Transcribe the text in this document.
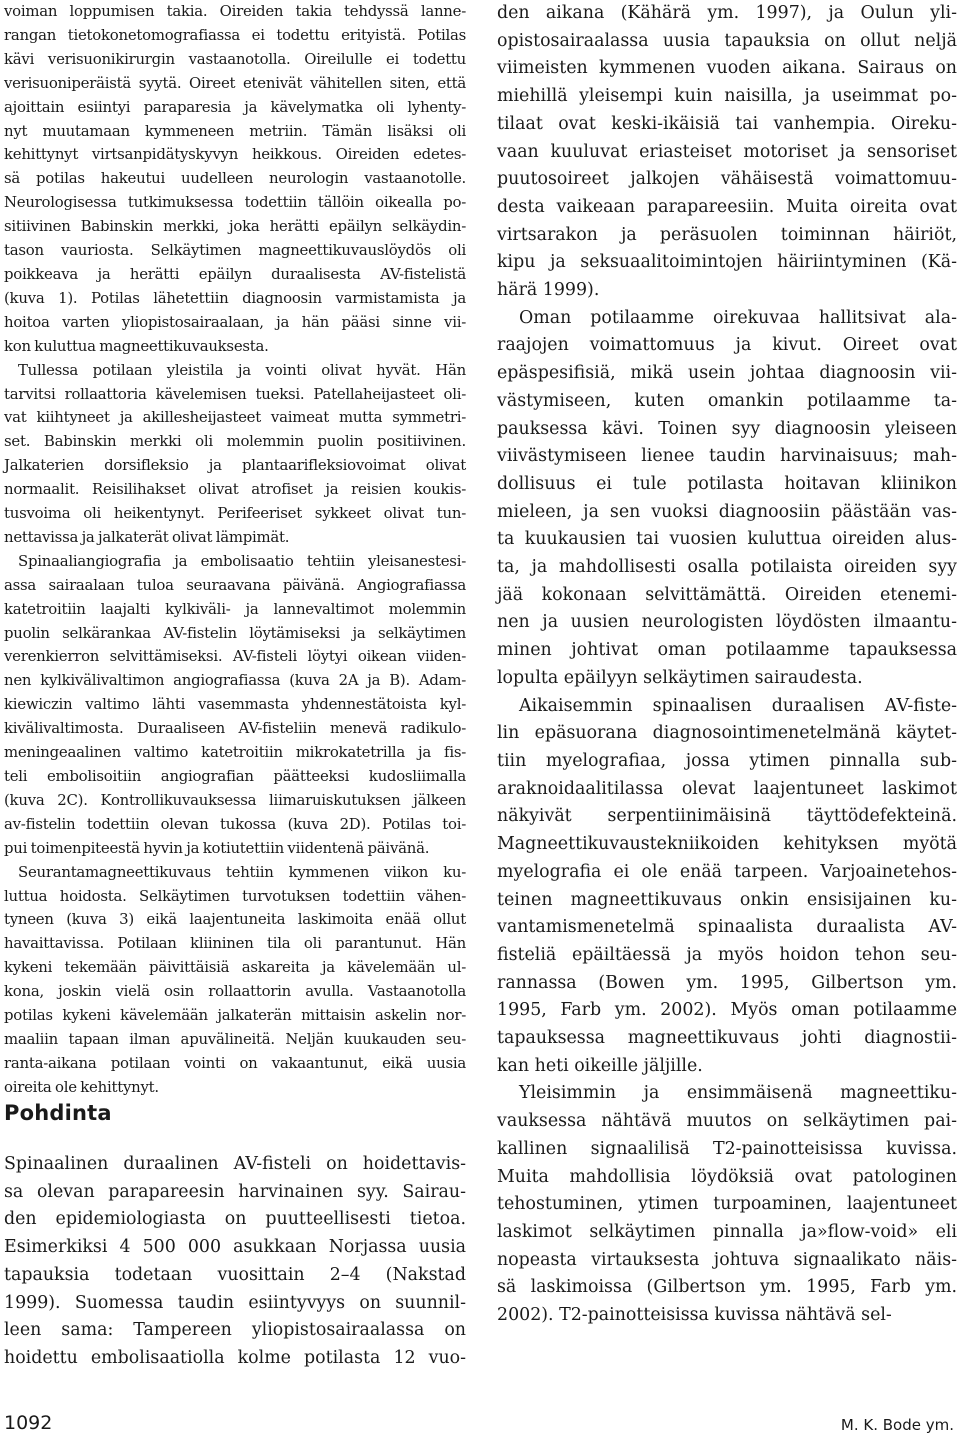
voiman loppumisen takia. Oireiden takia tehdyssä lanne-
rangan tietokonetomografiassa ei todettu erityistä. Potilas
kävi verisuonikirurgin vastaanotolla. Oireilulle ei todettu
verisuoniperäistä syytä. Oireet etenivät vähitellen siten, että
ajoittain esiintyi paraparesia ja kävelymatka oli lyhenty-
nyt muutamaan kymmeneen metriin. Tämän lisäksi oli
kehittynyt virtsanpidätyskyvyn heikkous. Oireiden edetes-
sä potilas hakeutui uudelleen neurologin vastaanotolle.
Neurologisessa tutkimuksessa todettiin tällöin oikealla po-
sitiivinen Babinskin merkki, joka herätti epäilyn selkäydin-
tason vauriosta. Selkäytimen magneettikuvauslöydös oli
poikkeava ja herätti epäilyn duraalisesta AV-fistelistä
(kuva 1). Potilas lähetettiin diagnoosin varmistamista ja
hoitoa varten yliopistosairaalaan, ja hän pääsi sinne vii-
kon kuluttua magneettikuvauksesta.

Tullessa potilaan yleistila ja vointi olivat hyvät. Hän
tarvitsi rollaattoria kävelemisen tueksi. Patellaheijasteet oli-
vat kiihtyneet ja akillesheijasteet vaimeat mutta symmetri-
set. Babinskin merkki oli molemmin puolin positiivinen.
Jalkaterien dorsifleksio ja plantaarifleksiovoimat olivat
normaalit. Reisilihakset olivat atrofiset ja reisien koukis-
tusvoima oli heikentynyt. Perifeeriset sykkeet olivat tun-
nettavissa ja jalkaterät olivat lämpimät.

Spinaaliangiografia ja embolisaatio tehtiin yleisanestesi-
assa sairaalaan tuloa seuraavana päivänä. Angiografiassa
katetroitiin laajalti kylkiväli- ja lannevaltimot molemmin
puolin selkärankaa AV-fistelin löytämiseksi ja selkäytimen
verenkierron selvittämiseksi. AV-fisteli löytyi oikean viiden-
nen kylkivälivaltimon angiografiassa (kuva 2A ja B). Adam-
kiewiczin valtimo lähti vasemmasta yhdennestätoista kyl-
kivälivaltimosta. Duraaliseen AV-fisteliin menevä radikulo-
meningeaalinen valtimo katetroitiin mikrokatetrilla ja fis-
teli embolisoitiin angiografian päätteeksi kudosliimalla
(kuva 2C). Kontrollikuvauksessa liimaruiskutuksen jälkeen
av-fistelin todettiin olevan tukossa (kuva 2D). Potilas toi-
pui toimenpiteestä hyvin ja kotiutettiin viidentenä päivänä.

Seurantamagneettikuvaus tehtiin kymmenen viikon ku-
luttua hoidosta. Selkäytimen turvotuksen todettiin vähen-
tyneen (kuva 3) eikä laajentuneita laskimoita enää ollut
havaittavissa. Potilaan kliininen tila oli parantunut. Hän
kykeni tekemään päivittäisiä askareita ja kävelemään ul-
kona, joskin vielä osin rollaattorin avulla. Vastaanotolla
potilas kykeni kävelemään jalkaterän mittaisin askelin nor-
maaliin tapaan ilman apuvälineitä. Neljän kuukauden seu-
ranta-aikana potilaan vointi on vakaantunut, eikä uusia
oireita ole kehittynyt.

Pohdinta

Spinaalinen duraalinen AV-fisteli on hoidettavis-
sa olevan parapareesin harvinainen syy. Sairau-
den epidemiologiasta on puutteellisesti tietoa.
Esimerkiksi 4 500 000 asukkaan Norjassa uusia
tapauksia todetaan vuosittain 2–4 (Nakstad
1999). Suomessa taudin esiintyvyys on suunnil-
leen sama: Tampereen yliopistosairaalassa on
hoidettu embolisaatiolla kolme potilasta 12 vuo-

den aikana (Kähärä ym. 1997), ja Oulun yli-
opistosairaalassa uusia tapauksia on ollut neljä
viimeisten kymmenen vuoden aikana. Sairaus on
miehillä yleisempi kuin naisilla, ja useimmat po-
tilaat ovat keski-ikäisiä tai vanhempia. Oireku-
vaan kuuluvat eriasteiset motoriset ja sensoriset
puutosoireet jalkojen vähäisestä voimattomuu-
desta vaikeaan parapareesiin. Muita oireita ovat
virtsarakon ja peräsuolen toiminnan häiriöt,
kipu ja seksuaalitoimintojen häiriintyminen (Kä-
härä 1999).

Oman potilaamme oirekuvaa hallitsivat ala-
raajojen voimattomuus ja kivut. Oireet ovat
epäspesifisiä, mikä usein johtaa diagnoosin vii-
västymiseen, kuten omankin potilaamme ta-
pauksessa kävi. Toinen syy diagnoosin yleiseen
viivästymiseen lienee taudin harvinaisuus; mah-
dollisuus ei tule potilasta hoitavan kliinikon
mieleen, ja sen vuoksi diagnoosiin päästään vas-
ta kuukausien tai vuosien kuluttua oireiden alus-
ta, ja mahdollisesti osalla potilaista oireiden syy
jää kokonaan selvittämättä. Oireiden etenemi-
nen ja uusien neurologisten löydösten ilmaantu-
minen johtivat oman potilaamme tapauksessa
lopulta epäilyyn selkäytimen sairaudesta.

Aikaisemmin spinaalisen duraalisen AV-fiste-
lin epäsuorana diagnosointimenetelmänä käytet-
tiin myelografiaa, jossa ytimen pinnalla sub-
araknoidaalitilassa olevat laajentuneet laskimot
näkyivät serpentiinimäisinä täyttödefekteinä.
Magneettikuvaustekniikoiden kehityksen myötä
myelografia ei ole enää tarpeen. Varjoainetehos-
teinen magneettikuvaus onkin ensisijainen ku-
vantamismenetelmä spinaalista duraalista AV-
fisteliä epäiltäessä ja myös hoidon tehon seu-
rannassa (Bowen ym. 1995, Gilbertson ym.
1995, Farb ym. 2002). Myös oman potilaamme
tapauksessa magneettikuvaus johti diagnostii-
kan heti oikeille jäljille.

Yleisimmin ja ensimmäisenä magneettiku-
vauksessa nähtävä muutos on selkäytimen pai-
kallinen signaalilisä T2-painotteisissa kuvissa.
Muita mahdollisia löydöksiä ovat patologinen
tehostuminen, ytimen turpoaminen, laajentuneet
laskimot selkäytimen pinnalla ja»flow-void» eli
nopeasta virtauksesta johtuva signaalikato näis-
sä laskimoissa (Gilbertson ym. 1995, Farb ym.
2002). T2-painotteisissa kuvissa nähtävä sel-

1092	M. K. Bode ym.
